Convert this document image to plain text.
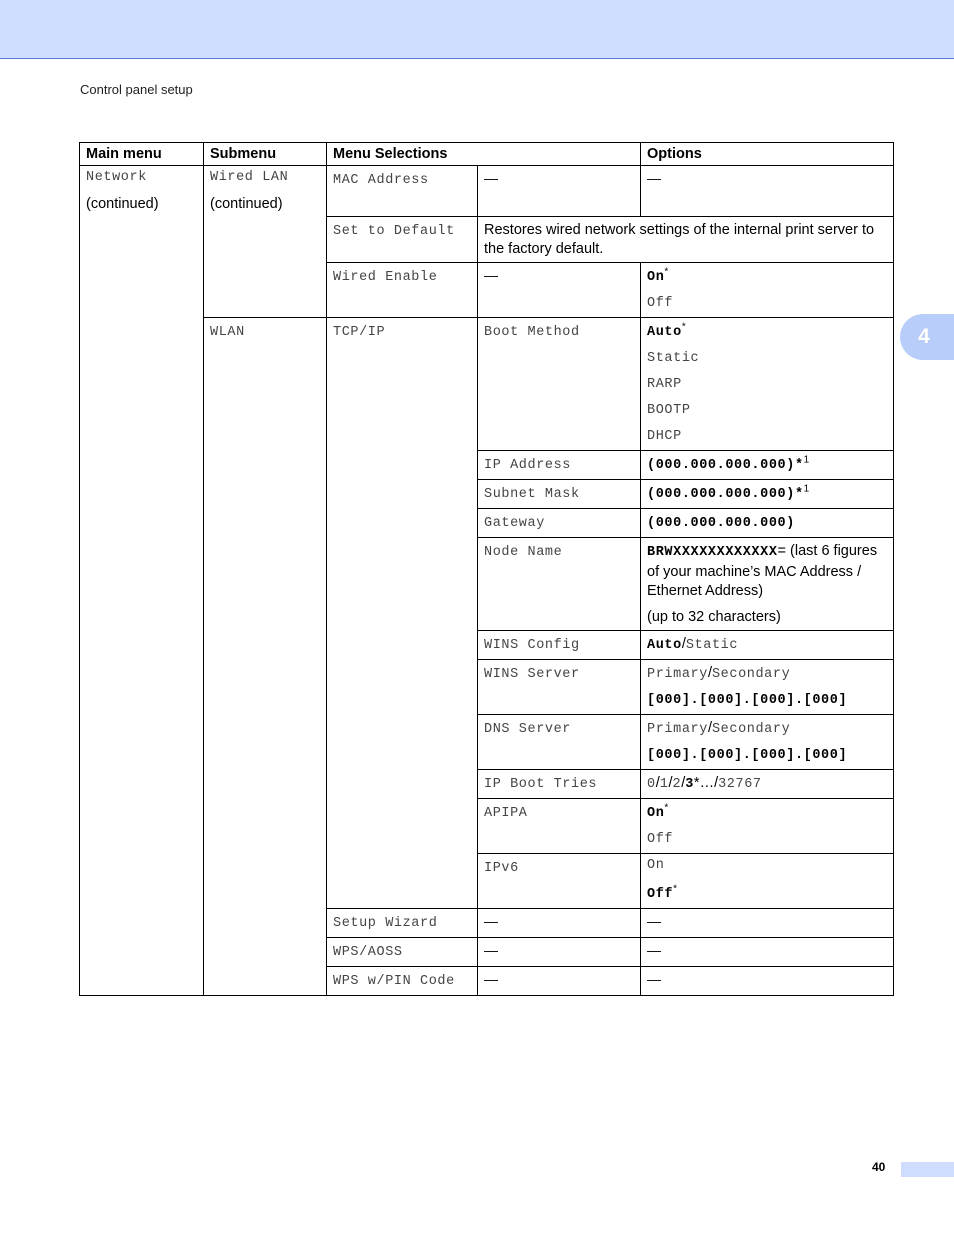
Control panel setup
4
Main menu	Submenu	Menu Selections		Options

Network
(continued)	Wired LAN
(continued)	MAC Address	—	—
		Set to Default	Restores wired network settings of the internal print server to the factory default.	
		Wired Enable	—	On*
Off

	WLAN	TCP/IP	Boot Method	Auto*
Static
RARP
BOOTP
DHCP

			IP Address	(000.000.000.000)*$^1$
			Subnet Mask	(000.000.000.000)*$^1$
			Gateway	(000.000.000.000)
			Node Name	BRWXXXXXXXXXXXX= (last 6 figures of your machine’s MAC Address / Ethernet Address)
(up to 32 characters)

			WINS Config	Auto/Static
			WINS Server	Primary/Secondary
[000].[000].[000].[000]

			DNS Server	Primary/Secondary
[000].[000].[000].[000]

			IP Boot Tries	0/1/2/3*…/32767
			APIPA	On*
Off

			IPv6	On
Off*

		Setup Wizard	—	—
		WPS/AOSS	—	—
		WPS w/PIN Code	—	—
40
